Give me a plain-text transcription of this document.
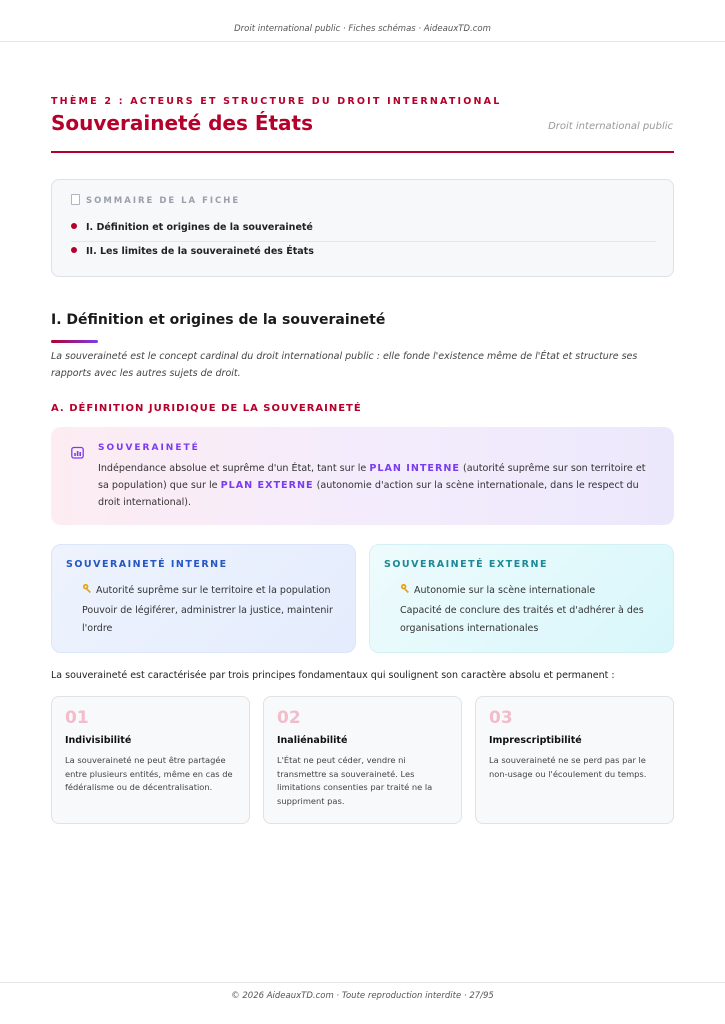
Droit international public · Fiches schémas · AideauxTD.com
THÈME 2 : ACTEURS ET STRUCTURE DU DROIT INTERNATIONAL
Souveraineté des États	Droit international public
SOMMAIRE DE LA FICHE
I. Définition et origines de la souveraineté
II. Les limites de la souveraineté des États
I. Définition et origines de la souveraineté
La souveraineté est le concept cardinal du droit international public : elle fonde l'existence même de l'État et structure ses rapports avec les autres sujets de droit.
A. DÉFINITION JURIDIQUE DE LA SOUVERAINETÉ
SOUVERAINETÉ
Indépendance absolue et suprême d'un État, tant sur le PLAN INTERNE (autorité suprême sur son territoire et sa population) que sur le PLAN EXTERNE (autonomie d'action sur la scène internationale, dans le respect du droit international).
SOUVERAINETÉ INTERNE
Autorité suprême sur le territoire et la population
Pouvoir de légiférer, administrer la justice, maintenir l'ordre
SOUVERAINETÉ EXTERNE
Autonomie sur la scène internationale
Capacité de conclure des traités et d'adhérer à des organisations internationales
La souveraineté est caractérisée par trois principes fondamentaux qui soulignent son caractère absolu et permanent :
01
Indivisibilité
La souveraineté ne peut être partagée entre plusieurs entités, même en cas de fédéralisme ou de décentralisation.
02
Inaliénabilité
L'État ne peut céder, vendre ni transmettre sa souveraineté. Les limitations consenties par traité ne la suppriment pas.
03
Imprescriptibilité
La souveraineté ne se perd pas par le non-usage ou l'écoulement du temps.
© 2026 AideauxTD.com · Toute reproduction interdite · 27/95
